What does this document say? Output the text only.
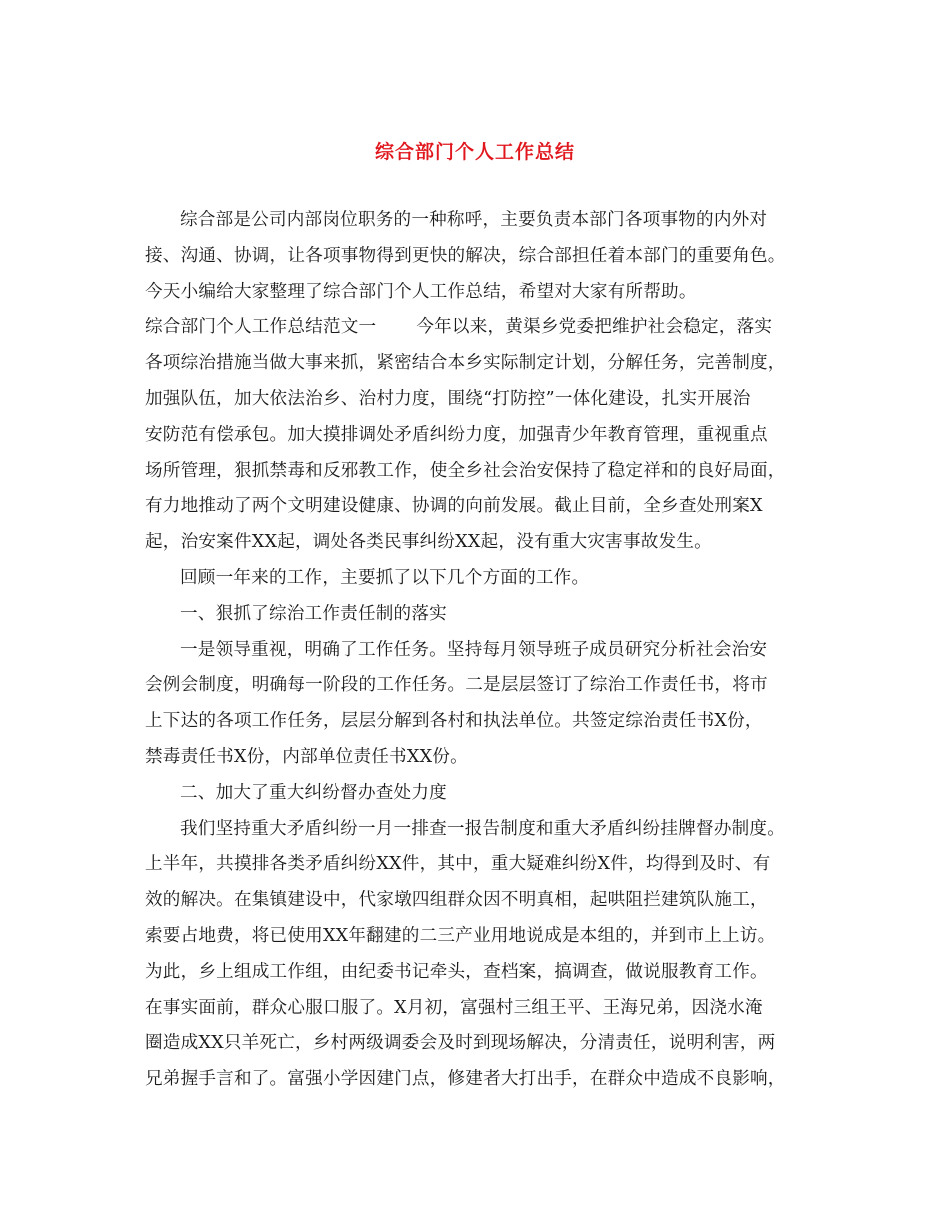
综合部门个人工作总结
综合部是公司内部岗位职务的一种称呼，主要负责本部门各项事物的内外对
接、沟通、协调，让各项事物得到更快的解决，综合部担任着本部门的重要角色。
今天小编给大家整理了综合部门个人工作总结，希望对大家有所帮助。
综合部门个人工作总结范文一 今年以来，黄渠乡党委把维护社会稳定，落实
各项综治措施当做大事来抓，紧密结合本乡实际制定计划，分解任务，完善制度，
加强队伍，加大依法治乡、治村力度，围绕“打防控”一体化建设，扎实开展治
安防范有偿承包。加大摸排调处矛盾纠纷力度，加强青少年教育管理，重视重点
场所管理，狠抓禁毒和反邪教工作，使全乡社会治安保持了稳定祥和的良好局面，
有力地推动了两个文明建设健康、协调的向前发展。截止目前，全乡查处刑案X
起，治安案件XX起，调处各类民事纠纷XX起，没有重大灾害事故发生。
回顾一年来的工作，主要抓了以下几个方面的工作。
一、狠抓了综治工作责任制的落实
一是领导重视，明确了工作任务。坚持每月领导班子成员研究分析社会治安
会例会制度，明确每一阶段的工作任务。二是层层签订了综治工作责任书，将市
上下达的各项工作任务，层层分解到各村和执法单位。共签定综治责任书X份，
禁毒责任书X份，内部单位责任书XX份。
二、加大了重大纠纷督办查处力度
我们坚持重大矛盾纠纷一月一排查一报告制度和重大矛盾纠纷挂牌督办制度。
上半年，共摸排各类矛盾纠纷XX件，其中，重大疑难纠纷X件，均得到及时、有
效的解决。在集镇建设中，代家墩四组群众因不明真相，起哄阻拦建筑队施工，
索要占地费，将已使用XX年翻建的二三产业用地说成是本组的，并到市上上访。
为此，乡上组成工作组，由纪委书记牵头，查档案，搞调查，做说服教育工作。
在事实面前，群众心服口服了。X月初，富强村三组王平、王海兄弟，因浇水淹
圈造成XX只羊死亡，乡村两级调委会及时到现场解决，分清责任，说明利害，两
兄弟握手言和了。富强小学因建门点，修建者大打出手，在群众中造成不良影响，
